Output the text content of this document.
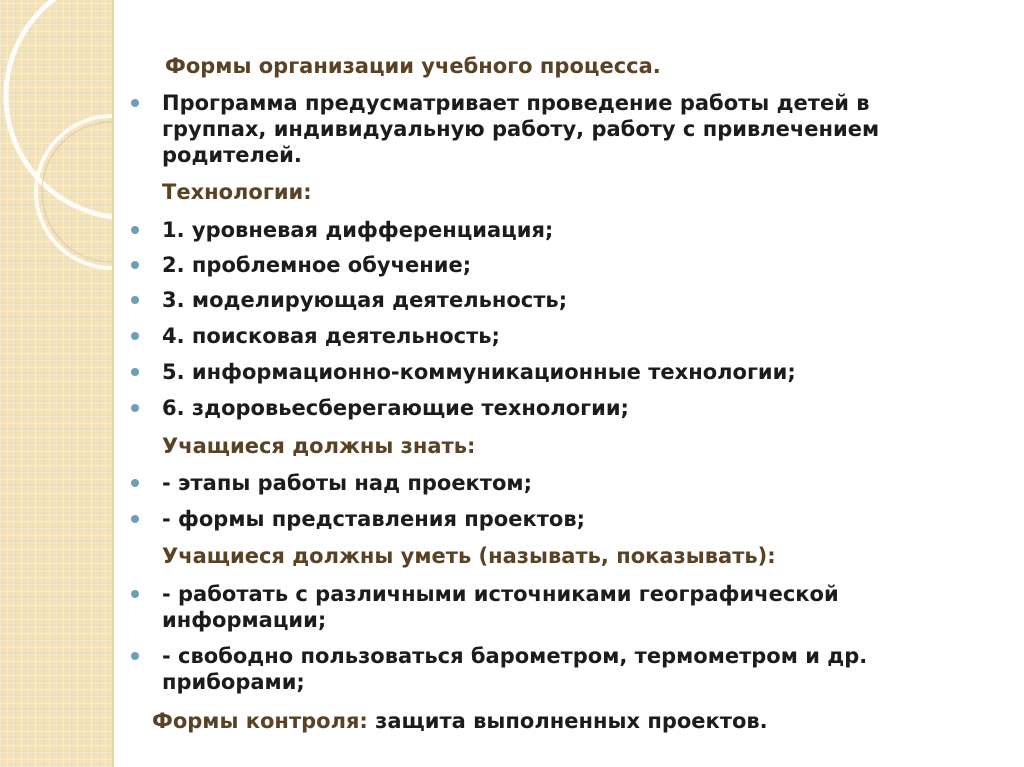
Формы организации учебного процесса.
Программа предусматривает проведение работы детей в
группах, индивидуальную работу, работу с привлечением
родителей.
Технологии:
1. уровневая дифференциация;
2. проблемное обучение;
3. моделирующая деятельность;
4. поисковая деятельность;
5. информационно-коммуникационные технологии;
6. здоровьесберегающие технологии;
Учащиеся должны знать:
- этапы работы над проектом;
- формы представления проектов;
Учащиеся должны уметь (называть, показывать):
- работать с различными источниками географической
информации;
- свободно пользоваться барометром, термометром и др.
приборами;
Формы контроля: защита выполненных проектов.
